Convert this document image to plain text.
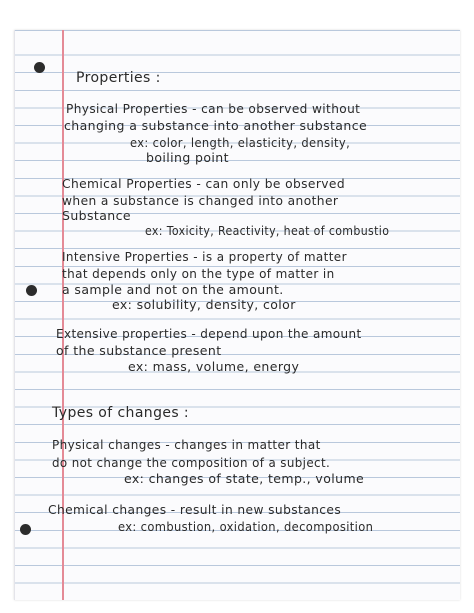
Properties :
Physical Properties - can be observed without
changing a substance into another substance
ex: color, length, elasticity, density,
boiling point
Chemical Properties - can only be observed
when a substance is changed into another
Substance
ex: Toxicity, Reactivity, heat of combustio
Intensive Properties - is a property of matter
that depends only on the type of matter in
a sample and not on the amount.
ex: solubility, density, color
Extensive properties - depend upon the amount
of the substance present
ex: mass, volume, energy
Types of changes :
Physical changes - changes in matter that
do not change the composition of a subject.
ex: changes of state, temp., volume
Chemical changes - result in new substances
ex: combustion, oxidation, decomposition
